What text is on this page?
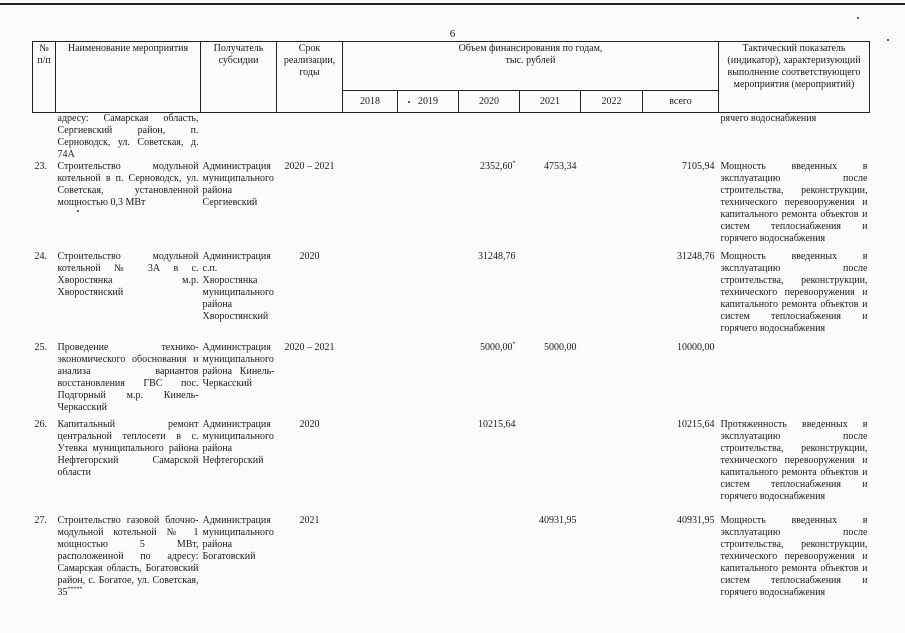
6
№
п/п	Наименование мероприятия	Получатель субсидии	Срок реализации, годы	Объем финансирования по годам,
тыс. рублей						Тактический показатель (индикатор), характеризующий выполнение соответствующего мероприятия (мероприятий)
				2018	2019	2020	2021	2022	всего	
	адресу: Самарская область, Сергиевский район, п. Серноводск, ул. Советская, д. 74А									рячего водоснабжения
23.	Строительство модульной котельной в п. Серноводск, ул. Советская, установленной мощностью 0,3 МВт	Администрация муниципального района Сергиевский	2020 – 2021			2352,60*	4753,34		7105,94	Мощность введенных в эксплуатацию после строительства, реконструкции, технического перевооружения и капитального ремонта объектов и систем теплоснабжения и горячего водоснабжения
24.	Строительство модульной котельной № 3А в с. Хворостянка м.р. Хворостянский	Администрация с.п. Хворостянка муниципального района Хворостянский	2020			31248,76			31248,76	Мощность введенных в эксплуатацию после строительства, реконструкции, технического перевооружения и капитального ремонта объектов и систем теплоснабжения и горячего водоснабжения
25.	Проведение технико-экономического обоснования и анализа вариантов восстановления ГВС пос. Подгорный м.р. Кинель-Черкасский	Администрация муниципального района Кинель-Черкасский	2020 – 2021			5000,00*	5000,00		10000,00	
26.	Капитальный ремонт центральной теплосети в с. Утевка муниципального района Нефтегорский Самарской области	Администрация муниципального района Нефтегорский	2020			10215,64			10215,64	Протяженность введенных в эксплуатацию после строительства, реконструкции, технического перевооружения и капитального ремонта объектов и систем теплоснабжения и горячего водоснабжения
27.	Строительство газовой блочно-модульной котельной № 1 мощностью 5 МВт, расположенной по адресу: Самарская область, Богатовский район, с. Богатое, ул. Советская, 35*****	Администрация муниципального района Богатовский	2021				40931,95		40931,95	Мощность введенных в эксплуатацию после строительства, реконструкции, технического перевооружения и капитального ремонта объектов и систем теплоснабжения и горячего водоснабжения
